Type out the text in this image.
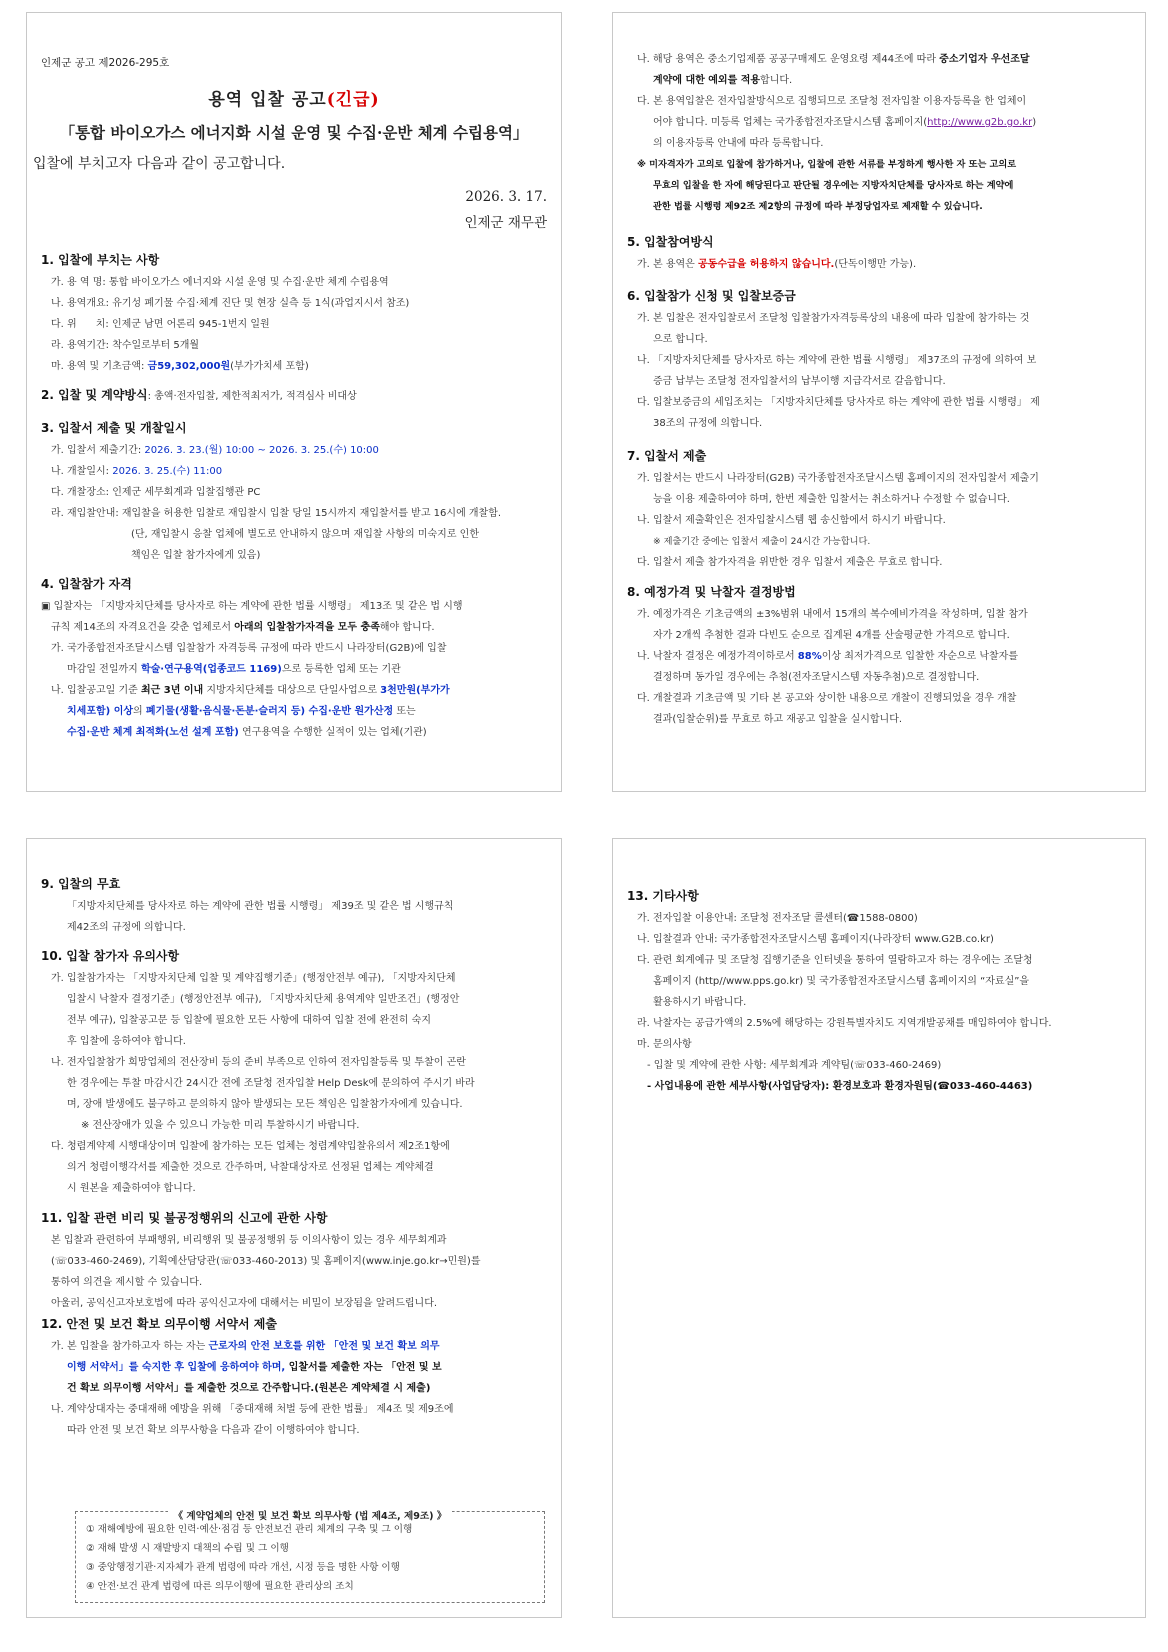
인제군 공고 제2026-295호
용역 입찰 공고(긴급)
「통합 바이오가스 에너지화 시설 운영 및 수집·운반 체계 수립용역」
입찰에 부치고자 다음과 같이 공고합니다.
2026. 3. 17.
인제군 재무관
1. 입찰에 부치는 사항
가. 용 역 명: 통합 바이오가스 에너지와 시설 운영 및 수집·운반 체계 수립용역
나. 용역개요: 유기성 폐기물 수집·체계 진단 및 현장 실측 등 1식(과업지시서 참조)
다. 위      치: 인제군 남면 어론리 945-1번지 일원
라. 용역기간: 착수일로부터 5개월
마. 용역 및 기초금액: 금59,302,000원(부가가치세 포함)
2. 입찰 및 계약방식: 총액·전자입찰, 제한적최저가, 적격심사 비대상
3. 입찰서 제출 및 개찰일시
가. 입찰서 제출기간: 2026. 3. 23.(월) 10:00 ~ 2026. 3. 25.(수) 10:00
나. 개찰일시: 2026. 3. 25.(수) 11:00
다. 개찰장소: 인제군 세무회계과 입찰집행관 PC
라. 재입찰안내: 재입찰을 허용한 입찰로 재입찰시 입찰 당일 15시까지 재입찰서를 받고 16시에 개찰함.
(단, 재입찰시 응찰 업체에 별도로 안내하지 않으며 재입찰 사항의 미숙지로 인한
책임은 입찰 참가자에게 있음)
4. 입찰참가 자격
▣ 입찰자는 「지방자치단체를 당사자로 하는 계약에 관한 법률 시행령」 제13조 및 같은 법 시행
규칙 제14조의 자격요건을 갖춘 업체로서 아래의 입찰참가자격을 모두 충족해야 합니다.
가. 국가종합전자조달시스템 입찰참가 자격등록 규정에 따라 반드시 나라장터(G2B)에 입찰
마감일 전일까지 학술·연구용역(업종코드 1169)으로 등록한 업체 또는 기관
나. 입찰공고일 기준 최근 3년 이내 지방자치단체를 대상으로 단일사업으로 3천만원(부가가
치세포함) 이상의 폐기물(생활·음식물·돈분·슬러지 등) 수집·운반 원가산정 또는
수집·운반 체계 최적화(노선 설계 포함) 연구용역을 수행한 실적이 있는 업체(기관)
나. 해당 용역은 중소기업제품 공공구매제도 운영요령 제44조에 따라 중소기업자 우선조달
계약에 대한 예외를 적용합니다.
다. 본 용역입찰은 전자입찰방식으로 집행되므로 조달청 전자입찰 이용자등록을 한 업체이
어야 합니다. 미등록 업체는 국가종합전자조달시스템 홈페이지(http://www.g2b.go.kr)
의 이용자등록 안내에 따라 등록합니다.
※ 미자격자가 고의로 입찰에 참가하거나, 입찰에 관한 서류를 부정하게 행사한 자 또는 고의로
무효의 입찰을 한 자에 해당된다고 판단될 경우에는 지방자치단체를 당사자로 하는 계약에
관한 법률 시행령 제92조 제2항의 규정에 따라 부정당업자로 제재할 수 있습니다.
5. 입찰참여방식
가. 본 용역은 공동수급을 허용하지 않습니다.(단독이행만 가능).
6. 입찰참가 신청 및 입찰보증금
가. 본 입찰은 전자입찰로서 조달청 입찰참가자격등록상의 내용에 따라 입찰에 참가하는 것
으로 합니다.
나. 「지방자치단체를 당사자로 하는 계약에 관한 법률 시행령」 제37조의 규정에 의하여 보
증금 납부는 조달청 전자입찰서의 납부이행 지급각서로 갈음합니다.
다. 입찰보증금의 세입조치는 「지방자치단체를 당사자로 하는 계약에 관한 법률 시행령」 제
38조의 규정에 의합니다.
7. 입찰서 제출
가. 입찰서는 반드시 나라장터(G2B) 국가종합전자조달시스템 홈페이지의 전자입찰서 제출기
능을 이용 제출하여야 하며, 한번 제출한 입찰서는 취소하거나 수정할 수 없습니다.
나. 입찰서 제출확인은 전자입찰시스템 웹 송신함에서 하시기 바랍니다.
※ 제출기간 중에는 입찰서 제출이 24시간 가능합니다.
다. 입찰서 제출 참가자격을 위반한 경우 입찰서 제출은 무효로 합니다.
8. 예정가격 및 낙찰자 결정방법
가. 예정가격은 기초금액의 ±3%범위 내에서 15개의 복수예비가격을 작성하며, 입찰 참가
자가 2개씩 추첨한 결과 다빈도 순으로 집계된 4개를 산술평균한 가격으로 합니다.
나. 낙찰자 결정은 예정가격이하로서 88%이상 최저가격으로 입찰한 자순으로 낙찰자를
결정하며 동가일 경우에는 추첨(전자조달시스템 자동추첨)으로 결정합니다.
다. 개찰결과 기초금액 및 기타 본 공고와 상이한 내용으로 개찰이 진행되었을 경우 개찰
결과(입찰순위)를 무효로 하고 재공고 입찰을 실시합니다.
9. 입찰의 무효
「지방자치단체를 당사자로 하는 계약에 관한 법률 시행령」 제39조 및 같은 법 시행규칙
제42조의 규정에 의합니다.
10. 입찰 참가자 유의사항
가. 입찰참가자는 「지방자치단체 입찰 및 계약집행기준」(행정안전부 예규), 「지방자치단체
입찰시 낙찰자 결정기준」(행정안전부 예규), 「지방자치단체 용역계약 일반조건」(행정안
전부 예규), 입찰공고문 등 입찰에 필요한 모든 사항에 대하여 입찰 전에 완전히 숙지
후 입찰에 응하여야 합니다.
나. 전자입찰참가 희망업체의 전산장비 등의 준비 부족으로 인하여 전자입찰등록 및 투찰이 곤란
한 경우에는 투찰 마감시간 24시간 전에 조달청 전자입찰 Help Desk에 문의하여 주시기 바라
며, 장애 발생에도 불구하고 문의하지 않아 발생되는 모든 책임은 입찰참가자에게 있습니다.
※ 전산장애가 있을 수 있으니 가능한 미리 투찰하시기 바랍니다.
다. 청렴계약제 시행대상이며 입찰에 참가하는 모든 업체는 청렴계약입찰유의서 제2조1항에
의거 청렴이행각서를 제출한 것으로 간주하며, 낙찰대상자로 선정된 업체는 계약체결
시 원본을 제출하여야 합니다.
11. 입찰 관련 비리 및 불공정행위의 신고에 관한 사항
본 입찰과 관련하여 부패행위, 비리행위 및 불공정행위 등 이의사항이 있는 경우 세무회계과
(☏033-460-2469), 기획예산담당관(☏033-460-2013) 및 홈페이지(www.inje.go.kr→민원)를
통하여 의견을 제시할 수 있습니다.
아울러, 공익신고자보호법에 따라 공익신고자에 대해서는 비밀이 보장됨을 알려드립니다.
12. 안전 및 보건 확보 의무이행 서약서 제출
가. 본 입찰을 참가하고자 하는 자는 근로자의 안전 보호를 위한 「안전 및 보건 확보 의무
이행 서약서」를 숙지한 후 입찰에 응하여야 하며, 입찰서를 제출한 자는 「안전 및 보
건 확보 의무이행 서약서」를 제출한 것으로 간주합니다.(원본은 계약체결 시 제출)
나. 계약상대자는 중대재해 예방을 위해 「중대재해 처벌 등에 관한 법률」 제4조 및 제9조에
따라 안전 및 보건 확보 의무사항을 다음과 같이 이행하여야 합니다.
《 계약업체의 안전 및 보건 확보 의무사항 (법 제4조, 제9조) 》
① 재해예방에 필요한 인력·예산·점검 등 안전보건 관리 체계의 구축 및 그 이행
② 재해 발생 시 재발방지 대책의 수립 및 그 이행
③ 중앙행정기관·지자체가 관계 법령에 따라 개선, 시정 등을 명한 사항 이행
④ 안전·보건 관계 법령에 따른 의무이행에 필요한 관리상의 조치
13. 기타사항
가. 전자입찰 이용안내: 조달청 전자조달 콜센터(☎1588-0800)
나. 입찰결과 안내: 국가종합전자조달시스템 홈페이지(나라장터 www.G2B.co.kr)
다. 관련 회계예규 및 조달청 집행기준을 인터넷을 통하여 열람하고자 하는 경우에는 조달청
홈페이지 (http//www.pps.go.kr) 및 국가종합전자조달시스템 홈페이지의 “자료실”을
활용하시기 바랍니다.
라. 낙찰자는 공급가액의 2.5%에 해당하는 강원특별자치도 지역개발공채를 매입하여야 합니다.
마. 문의사항
- 입찰 및 계약에 관한 사항: 세무회계과 계약팀(☏033-460-2469)
- 사업내용에 관한 세부사항(사업담당자): 환경보호과 환경자원팀(☎033-460-4463)
